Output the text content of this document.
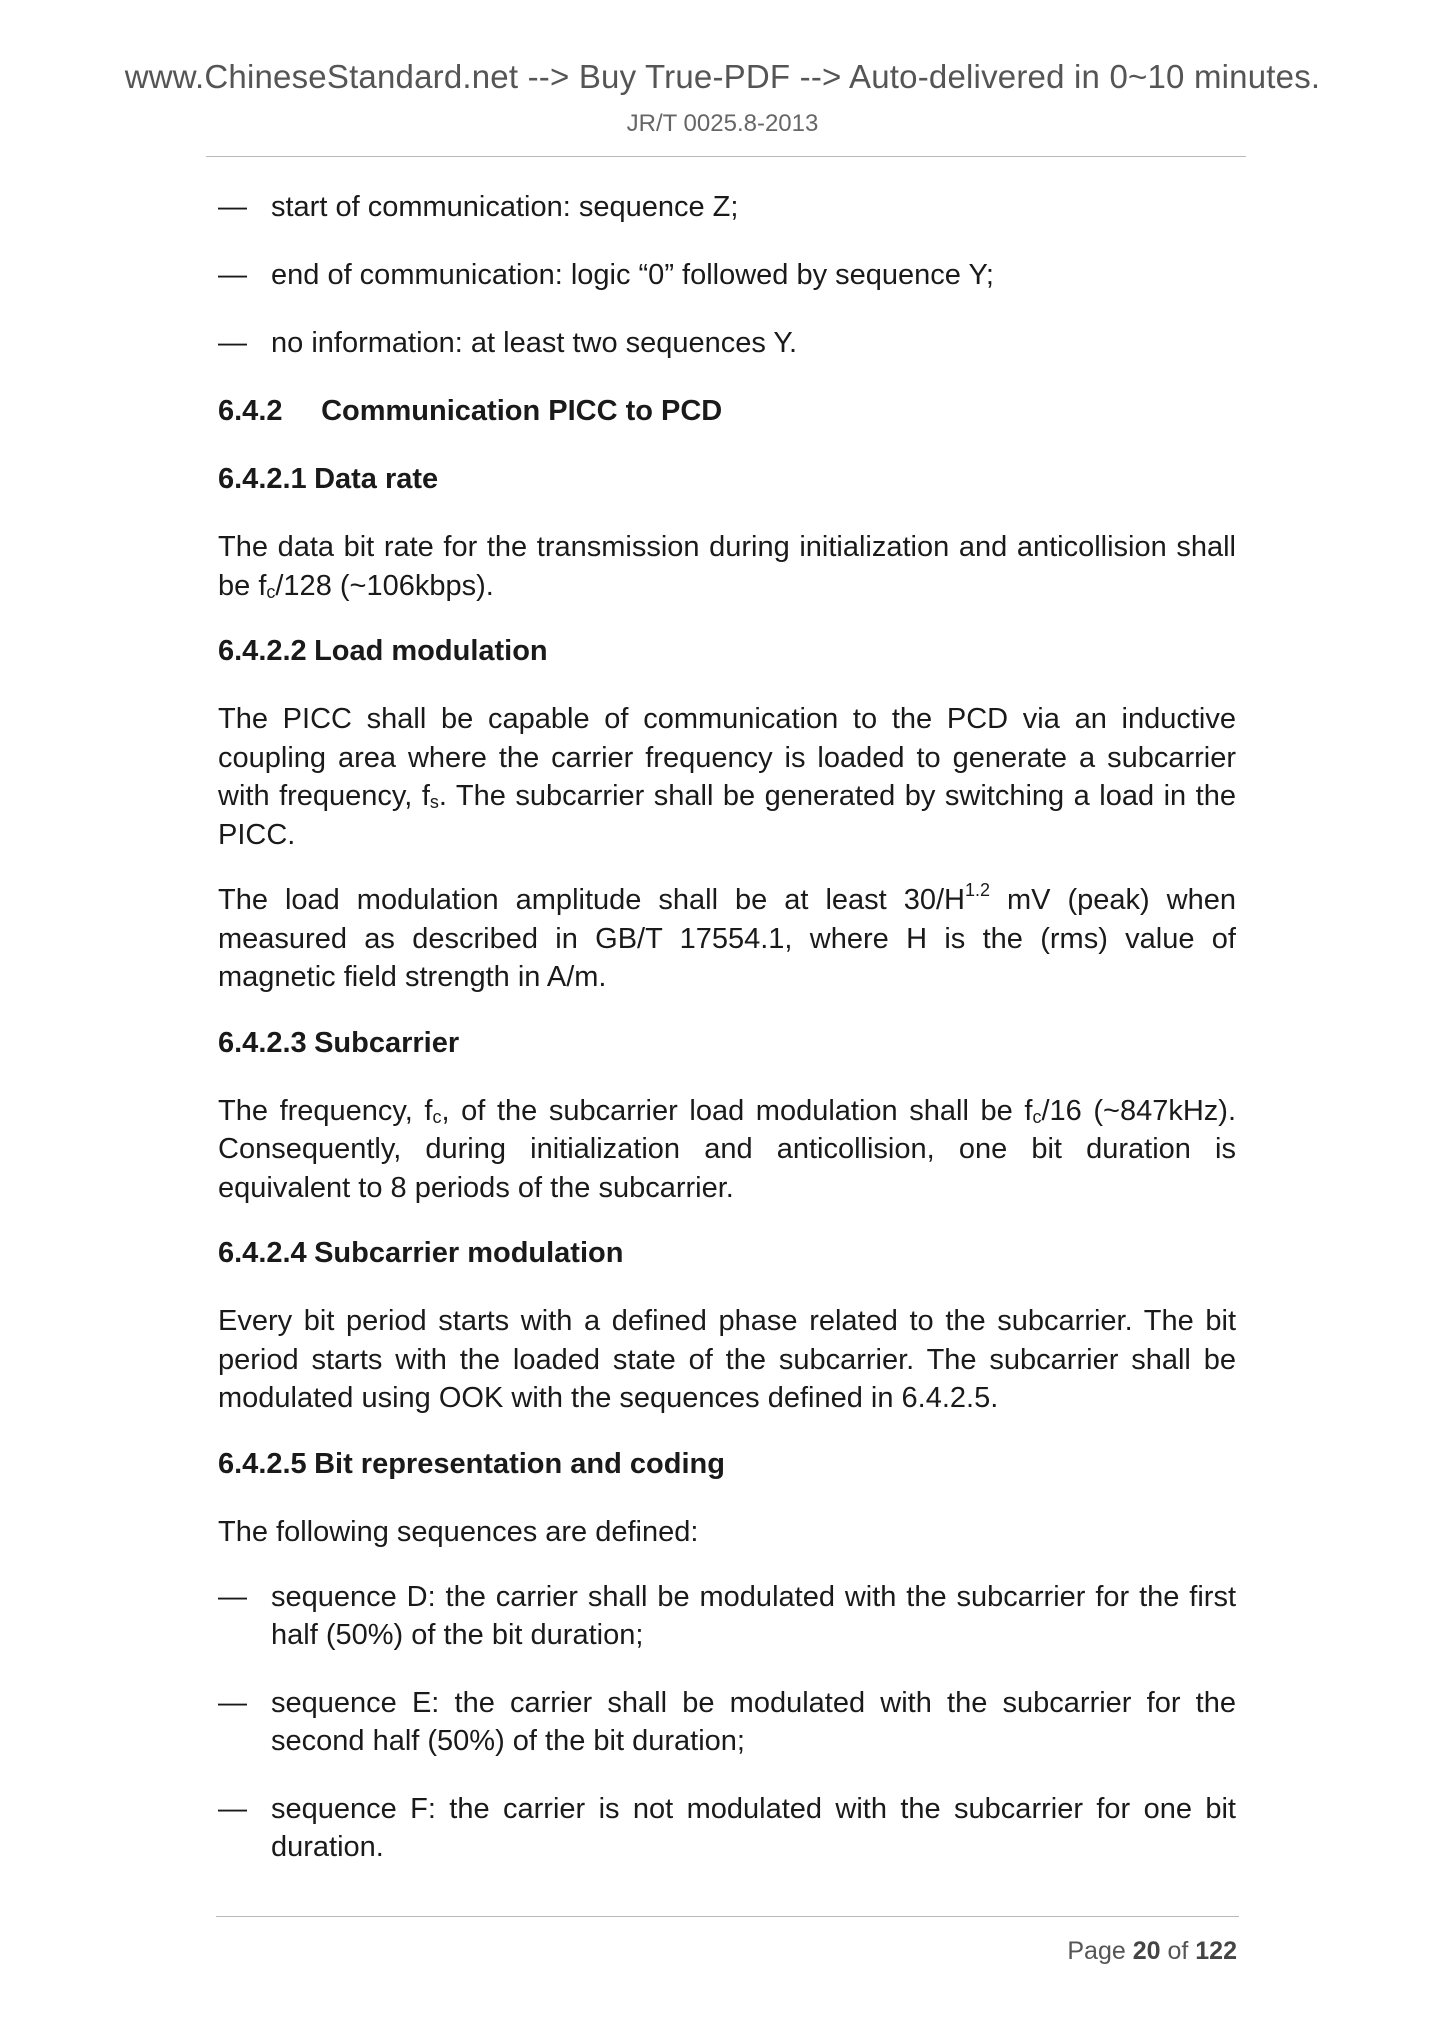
www.ChineseStandard.net --> Buy True-PDF --> Auto-delivered in 0~10 minutes.
JR/T 0025.8-2013
— start of communication: sequence Z;
— end of communication: logic “0” followed by sequence Y;
— no information: at least two sequences Y.
6.4.2 Communication PICC to PCD
6.4.2.1 Data rate

The data bit rate for the transmission during initialization and anticollision shall be $f_c/128$ (~106kbps).

6.4.2.2 Load modulation

The PICC shall be capable of communication to the PCD via an inductive coupling area where the carrier frequency is loaded to generate a subcarrier with frequency, $f_s$. The subcarrier shall be generated by switching a load in the PICC.

The load modulation amplitude shall be at least $30/H^{1.2}$ mV (peak) when measured as described in GB/T 17554.1, where H is the (rms) value of magnetic field strength in A/m.

6.4.2.3 Subcarrier

The frequency, $f_c$, of the subcarrier load modulation shall be $f_c/16$ (~847kHz). Consequently, during initialization and anticollision, one bit duration is equivalent to 8 periods of the subcarrier.

6.4.2.4 Subcarrier modulation

Every bit period starts with a defined phase related to the subcarrier. The bit period starts with the loaded state of the subcarrier. The subcarrier shall be modulated using OOK with the sequences defined in 6.4.2.5.

6.4.2.5 Bit representation and coding

The following sequences are defined:

— sequence D: the carrier shall be modulated with the subcarrier for the first half (50%) of the bit duration;
— sequence E: the carrier shall be modulated with the subcarrier for the second half (50%) of the bit duration;
— sequence F: the carrier is not modulated with the subcarrier for one bit duration.
Page 20 of 122
